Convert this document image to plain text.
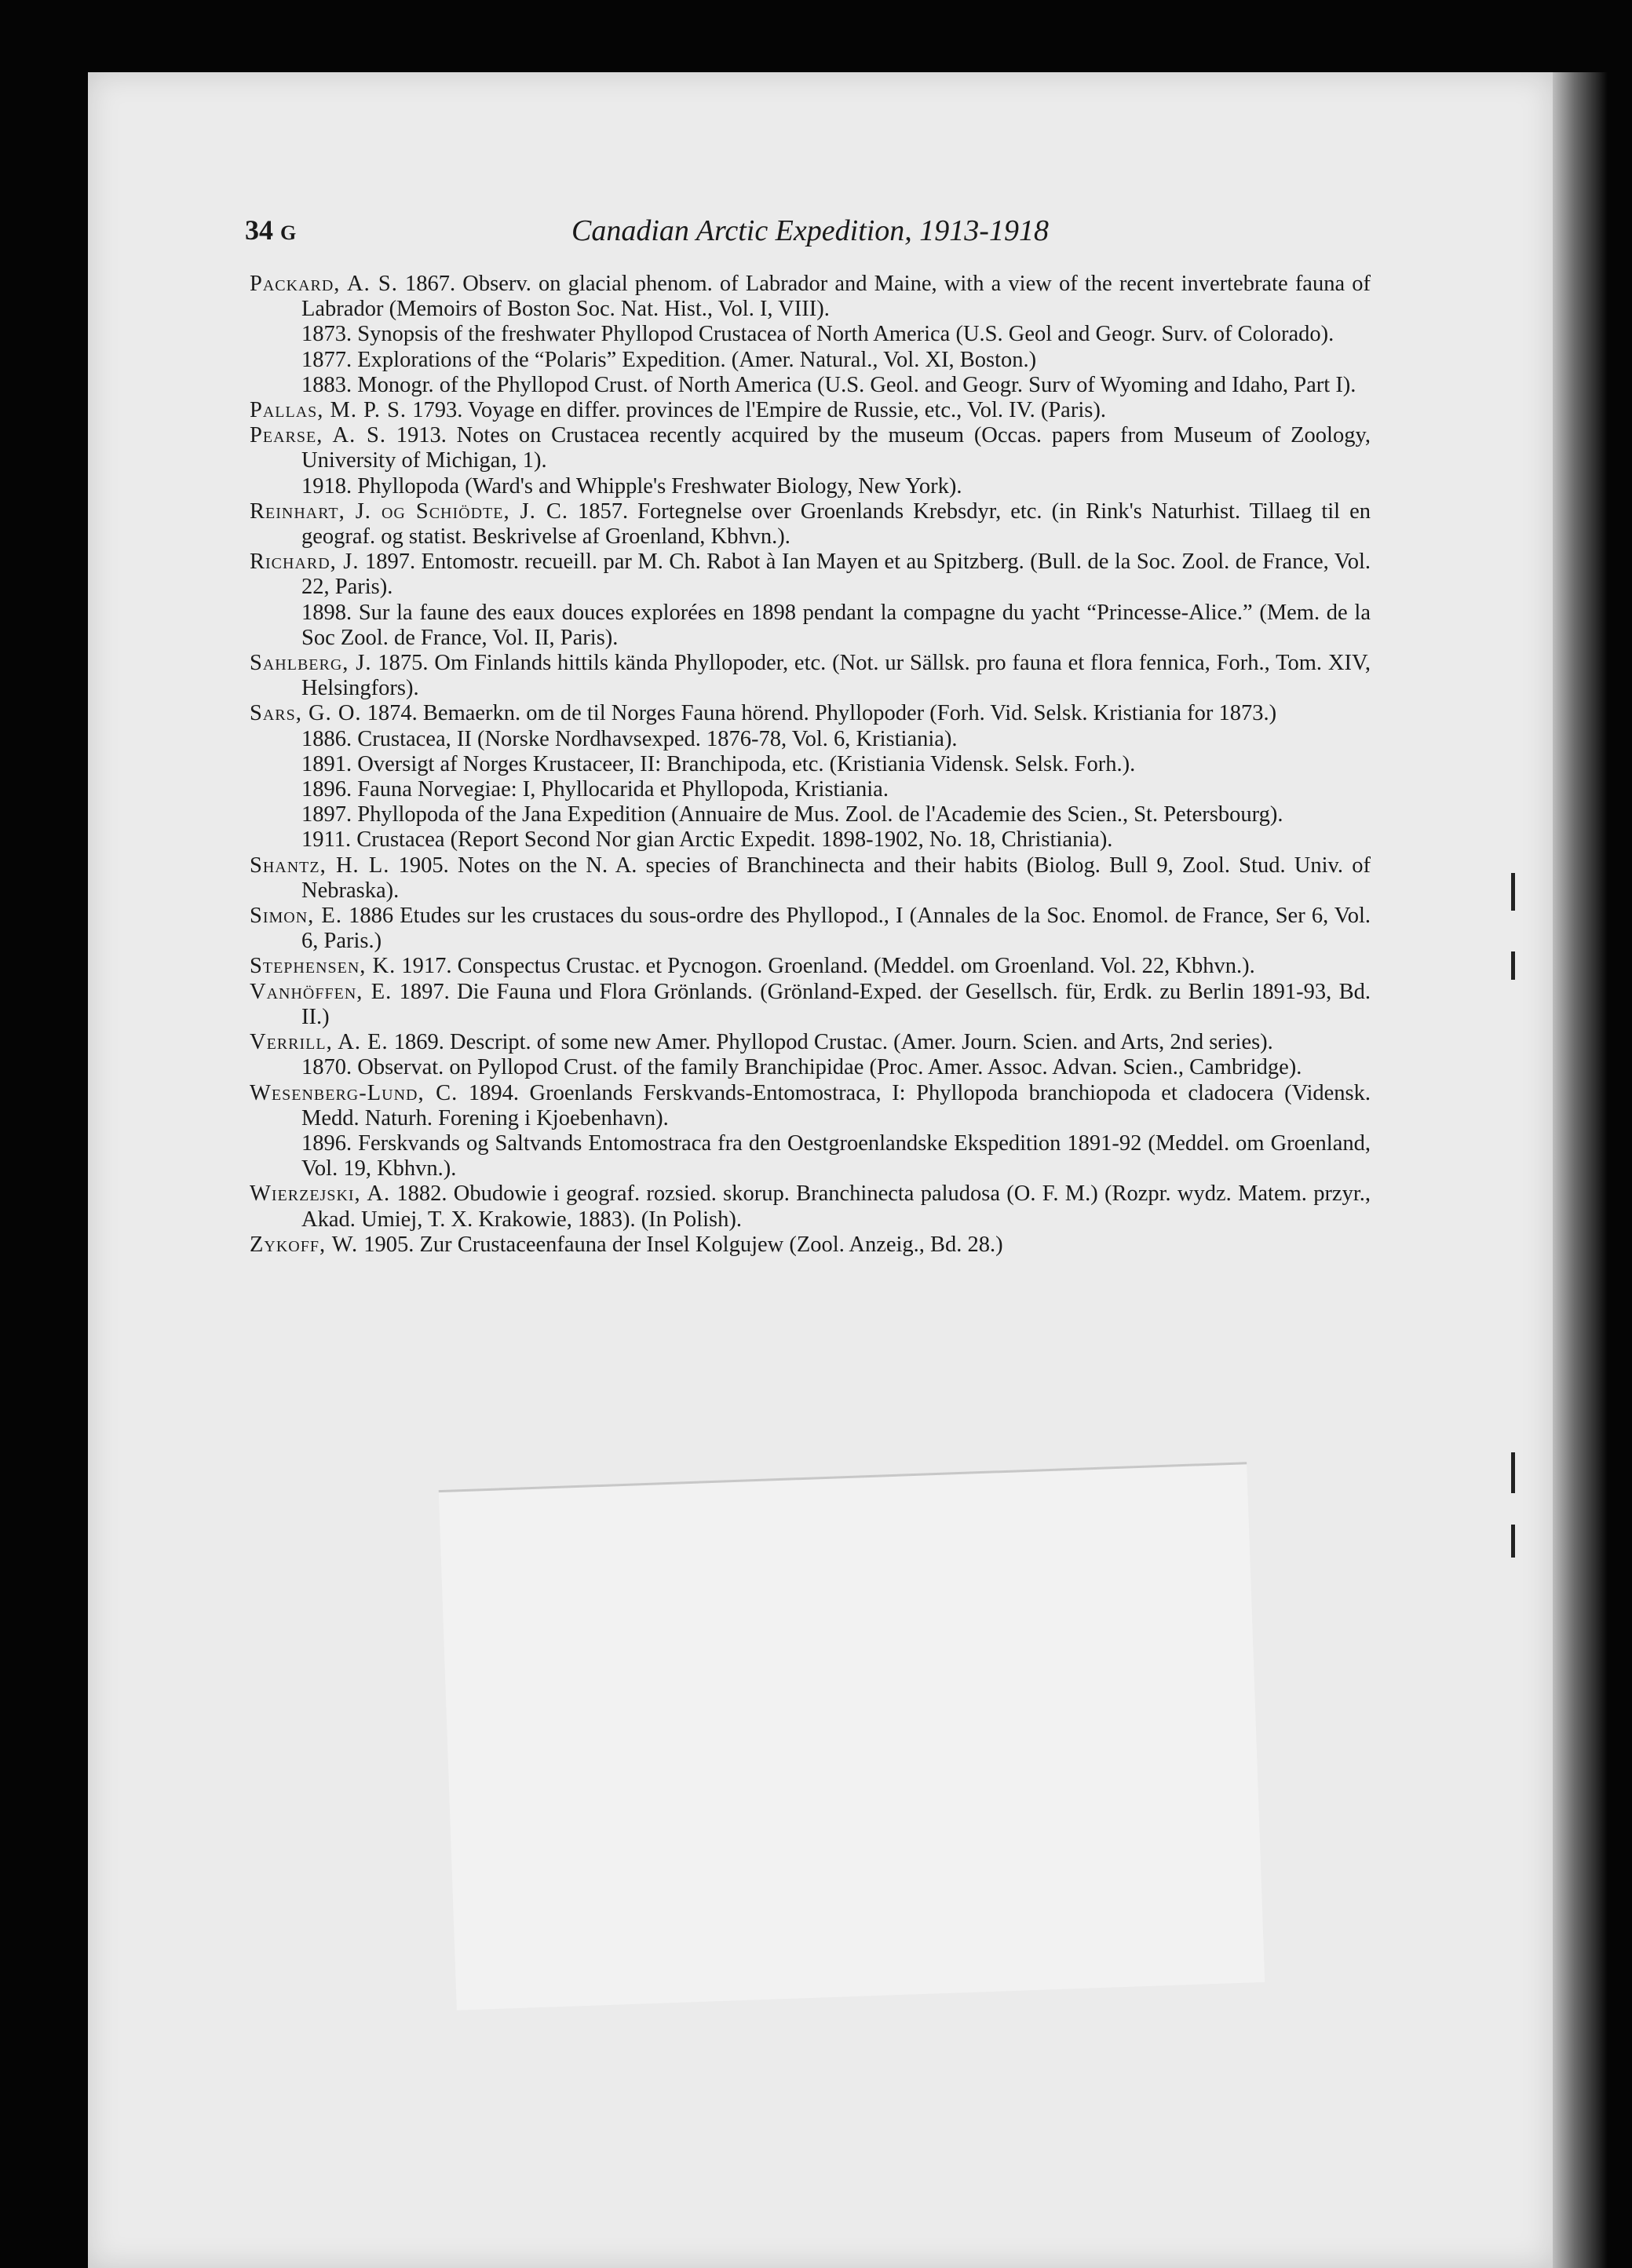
34 G	Canadian Arctic Expedition, 1913-1918

Packard, A. S. 1867. Observ. on glacial phenom. of Labrador and Maine, with a view of the recent invertebrate fauna of Labrador (Memoirs of Boston Soc. Nat. Hist., Vol. I, VIII).

1873. Synopsis of the freshwater Phyllopod Crustacea of North America (U.S. Geol and Geogr. Surv. of Colorado).

1877. Explorations of the “Polaris” Expedition. (Amer. Natural., Vol. XI, Boston.)

1883. Monogr. of the Phyllopod Crust. of North America (U.S. Geol. and Geogr. Surv of Wyoming and Idaho, Part I).

Pallas, M. P. S. 1793. Voyage en differ. provinces de l'Empire de Russie, etc., Vol. IV. (Paris).

Pearse, A. S. 1913. Notes on Crustacea recently acquired by the museum (Occas. papers from Museum of Zoology, University of Michigan, 1).

1918. Phyllopoda (Ward's and Whipple's Freshwater Biology, New York).

Reinhart, J. og Schiödte, J. C. 1857. Fortegnelse over Groenlands Krebsdyr, etc. (in Rink's Naturhist. Tillaeg til en geograf. og statist. Beskrivelse af Groenland, Kbhvn.).

Richard, J. 1897. Entomostr. recueill. par M. Ch. Rabot à Ian Mayen et au Spitzberg. (Bull. de la Soc. Zool. de France, Vol. 22, Paris).

1898. Sur la faune des eaux douces explorées en 1898 pendant la compagne du yacht “Princesse-Alice.” (Mem. de la Soc Zool. de France, Vol. II, Paris).

Sahlberg, J. 1875. Om Finlands hittils kända Phyllopoder, etc. (Not. ur Sällsk. pro fauna et flora fennica, Forh., Tom. XIV, Helsingfors).

Sars, G. O. 1874. Bemaerkn. om de til Norges Fauna hörend. Phyllopoder (Forh. Vid. Selsk. Kristiania for 1873.)

1886. Crustacea, II (Norske Nordhavsexped. 1876-78, Vol. 6, Kristiania).

1891. Oversigt af Norges Krustaceer, II: Branchipoda, etc. (Kristiania Vidensk. Selsk. Forh.).

1896. Fauna Norvegiae: I, Phyllocarida et Phyllopoda, Kristiania.

1897. Phyllopoda of the Jana Expedition (Annuaire de Mus. Zool. de l'Academie des Scien., St. Petersbourg).

1911. Crustacea (Report Second Nor gian Arctic Expedit. 1898-1902, No. 18, Christiania).

Shantz, H. L. 1905. Notes on the N. A. species of Branchinecta and their habits (Biolog. Bull 9, Zool. Stud. Univ. of Nebraska).

Simon, E. 1886 Etudes sur les crustaces du sous-ordre des Phyllopod., I (Annales de la Soc. Enomol. de France, Ser 6, Vol. 6, Paris.)

Stephensen, K. 1917. Conspectus Crustac. et Pycnogon. Groenland. (Meddel. om Groenland. Vol. 22, Kbhvn.).

Vanhöffen, E. 1897. Die Fauna und Flora Grönlands. (Grönland-Exped. der Gesellsch. für, Erdk. zu Berlin 1891-93, Bd. II.)

Verrill, A. E. 1869. Descript. of some new Amer. Phyllopod Crustac. (Amer. Journ. Scien. and Arts, 2nd series).

1870. Observat. on Pyllopod Crust. of the family Branchipidae (Proc. Amer. Assoc. Advan. Scien., Cambridge).

Wesenberg-Lund, C. 1894. Groenlands Ferskvands-Entomostraca, I: Phyllopoda branchiopoda et cladocera (Vidensk. Medd. Naturh. Forening i Kjoebenhavn).

1896. Ferskvands og Saltvands Entomostraca fra den Oestgroenlandske Ekspedition 1891-92 (Meddel. om Groenland, Vol. 19, Kbhvn.).

Wierzejski, A. 1882. Obudowie i geograf. rozsied. skorup. Branchinecta paludosa (O. F. M.) (Rozpr. wydz. Matem. przyr., Akad. Umiej, T. X. Krakowie, 1883). (In Polish).

Zykoff, W. 1905. Zur Crustaceenfauna der Insel Kolgujew (Zool. Anzeig., Bd. 28.)
